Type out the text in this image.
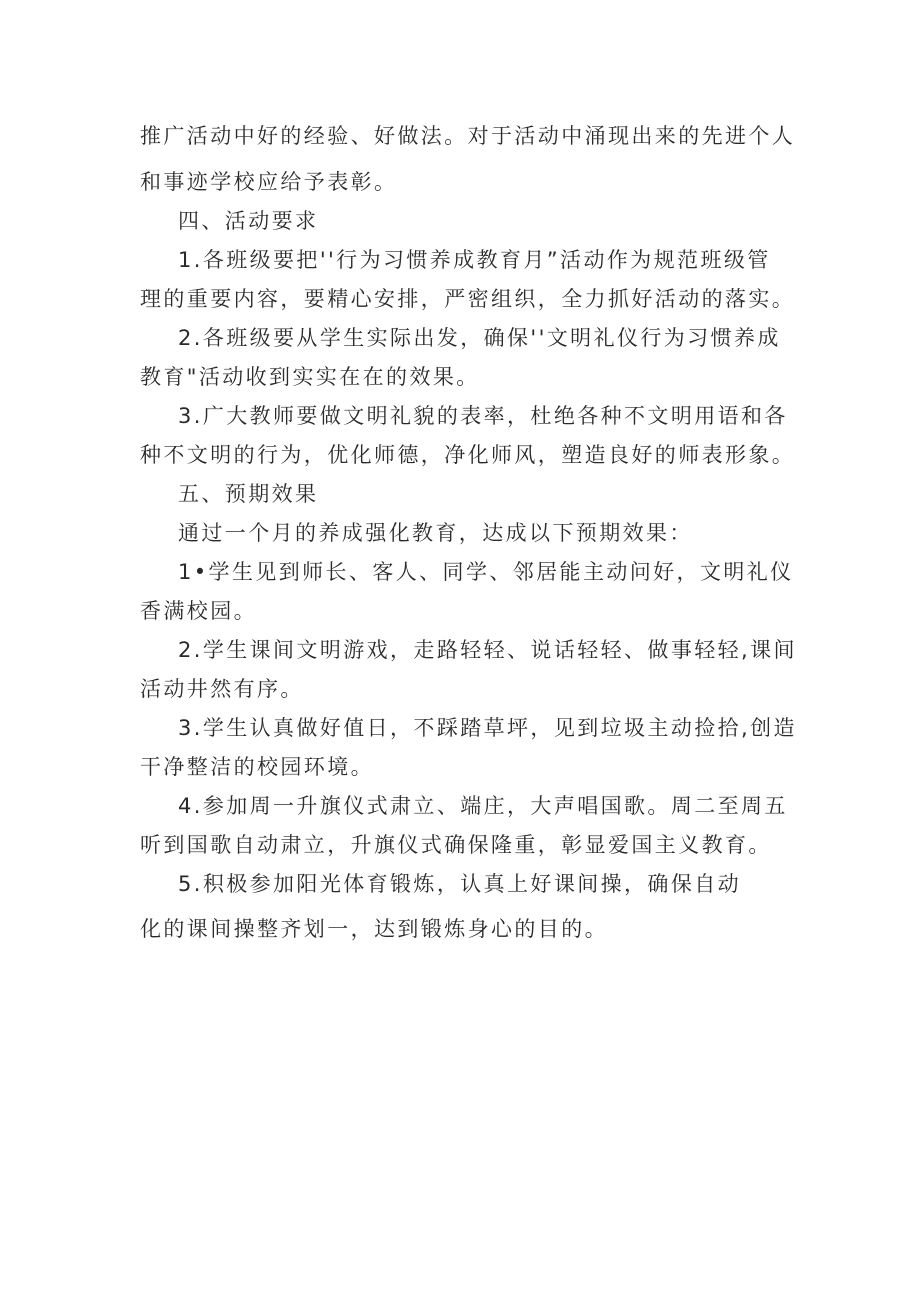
推广活动中好的经验、好做法。对于活动中涌现出来的先进个人
和事迹学校应给予表彰。
四、活动要求
1.各班级要把''行为习惯养成教育月”活动作为规范班级管
理的重要内容，要精心安排，严密组织，全力抓好活动的落实。
2.各班级要从学生实际出发，确保''文明礼仪行为习惯养成
教育"活动收到实实在在的效果。
3.广大教师要做文明礼貌的表率，杜绝各种不文明用语和各
种不文明的行为，优化师德，净化师风，塑造良好的师表形象。
五、预期效果
通过一个月的养成强化教育，达成以下预期效果：
1•学生见到师长、客人、同学、邻居能主动问好，文明礼仪
香满校园。
2.学生课间文明游戏，走路轻轻、说话轻轻、做事轻轻,课间
活动井然有序。
3.学生认真做好值日，不踩踏草坪，见到垃圾主动捡拾,创造
干净整洁的校园环境。
4.参加周一升旗仪式肃立、端庄，大声唱国歌。周二至周五
听到国歌自动肃立，升旗仪式确保隆重，彰显爱国主义教育。
5.积极参加阳光体育锻炼，认真上好课间操，确保自动
化的课间操整齐划一，达到锻炼身心的目的。
